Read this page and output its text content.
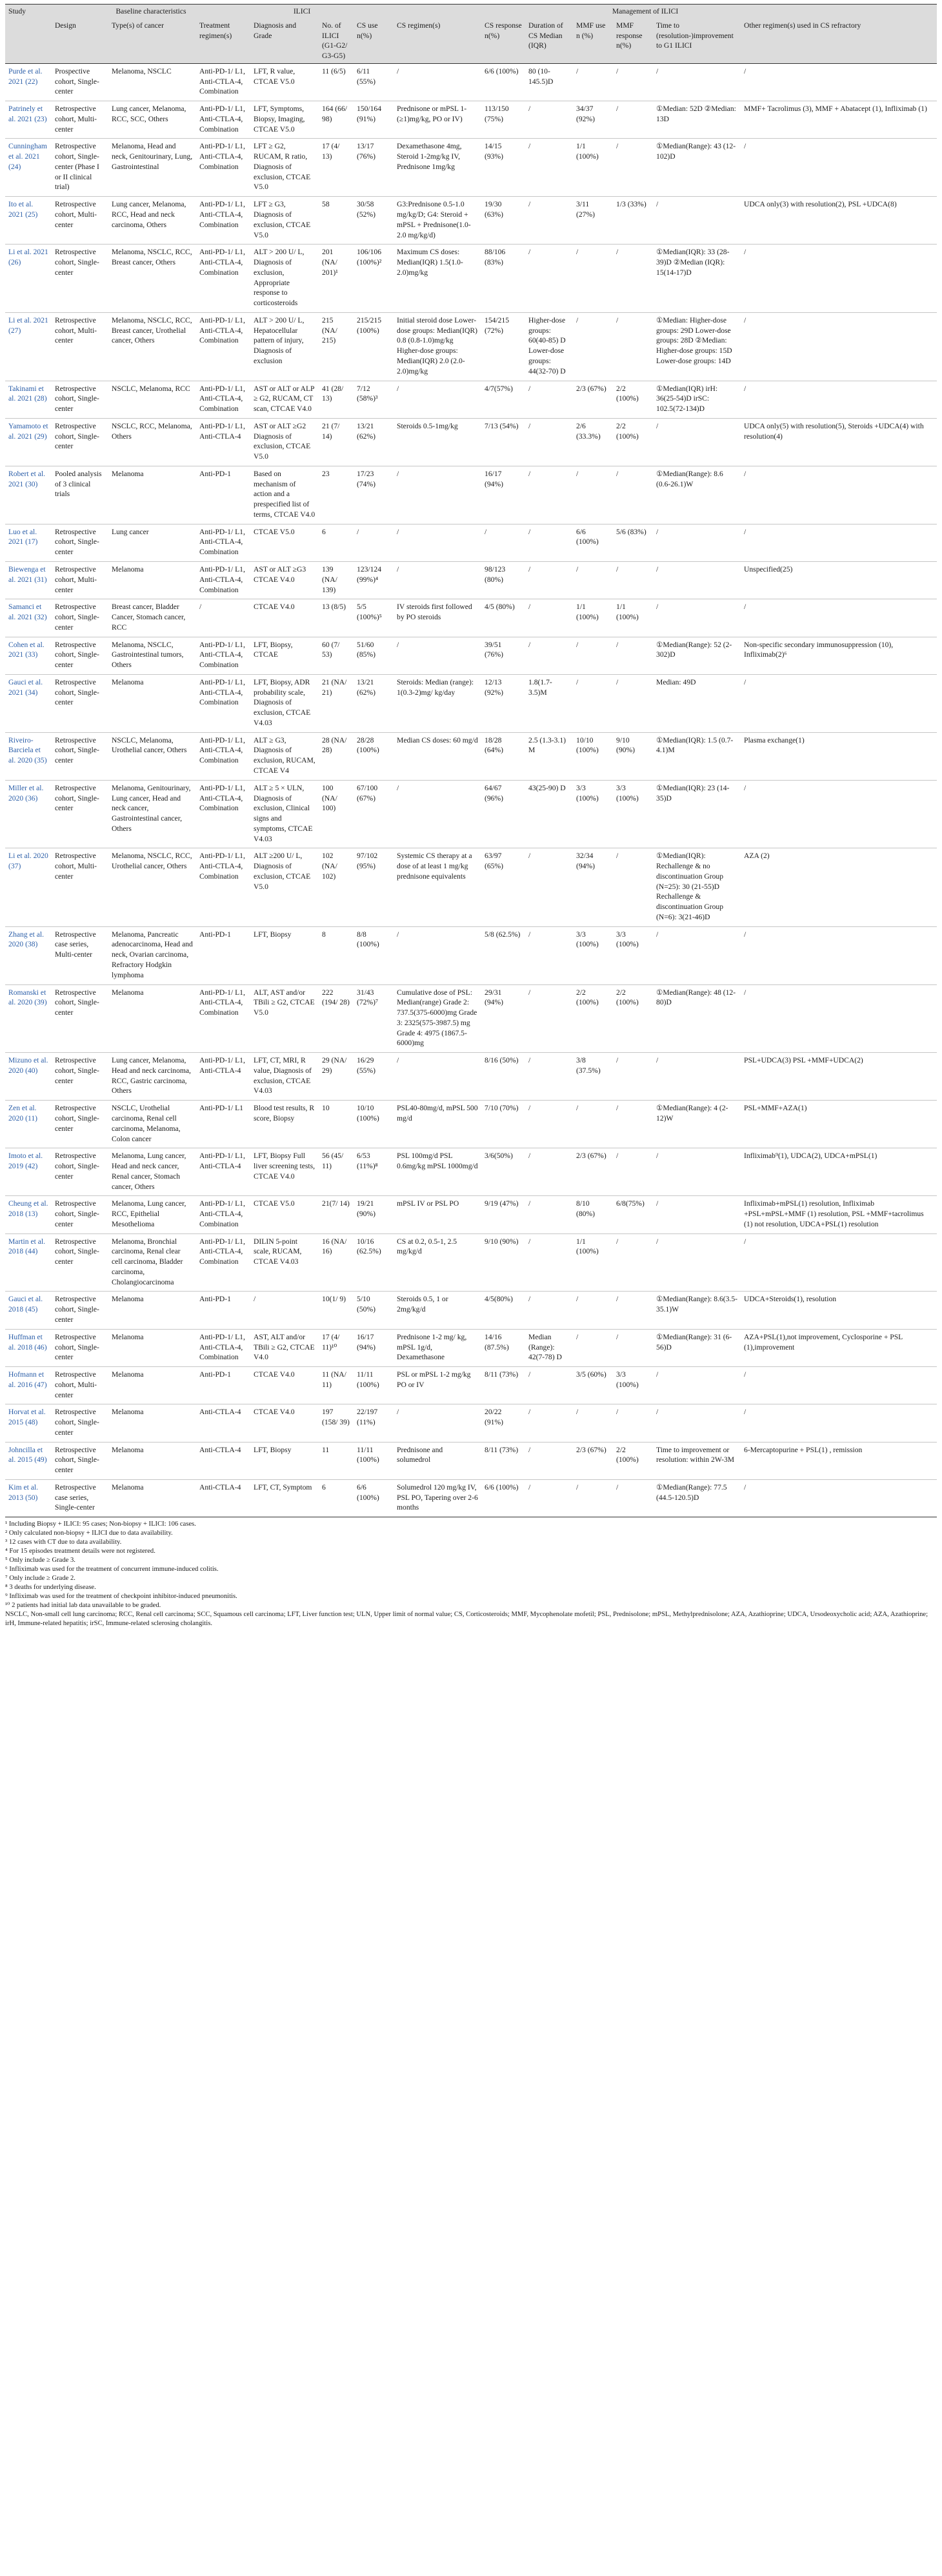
Study	Baseline characteristics			ILICI		Management of ILICI							
	Design	Type(s) of cancer	Treatment regimen(s)	Diagnosis and Grade	No. of ILICI (G1-G2/ G3-G5)	CS use n(%)	CS regimen(s)	CS response n(%)	Duration of CS Median (IQR)	MMF use n (%)	MMF response n(%)	Time to (resolution-)improvement to G1 ILICI	Other regimen(s) used in CS refractory
Purde et al. 2021 (22)	Prospective cohort, Single-center	Melanoma, NSCLC	Anti-PD-1/ L1, Anti-CTLA-4, Combination	LFT, R value, CTCAE V5.0	11 (6/5)	6/11 (55%)	/	6/6 (100%)	80 (10-145.5)D	/	/	/	/
Patrinely et al. 2021 (23)	Retrospective cohort, Multi-center	Lung cancer, Melanoma, RCC, SCC, Others	Anti-PD-1/ L1, Anti-CTLA-4, Combination	LFT, Symptoms, Biopsy, Imaging, CTCAE V5.0	164 (66/ 98)	150/164 (91%)	Prednisone or mPSL 1-(≥1)mg/kg, PO or IV)	113/150 (75%)	/	34/37 (92%)	/	①Median: 52D ②Median: 13D	MMF+ Tacrolimus (3), MMF + Abatacept (1), Infliximab (1)
Cunningham et al. 2021 (24)	Retrospective cohort, Single-center (Phase I or II clinical trial)	Melanoma, Head and neck, Genitourinary, Lung, Gastrointestinal	Anti-PD-1/ L1, Anti-CTLA-4, Combination	LFT ≥ G2, RUCAM, R ratio, Diagnosis of exclusion, CTCAE V5.0	17 (4/ 13)	13/17 (76%)	Dexamethasone 4mg, Steroid 1-2mg/kg IV, Prednisone 1mg/kg	14/15 (93%)	/	1/1 (100%)	/	①Median(Range): 43 (12-102)D	/
Ito et al. 2021 (25)	Retrospective cohort, Multi-center	Lung cancer, Melanoma, RCC, Head and neck carcinoma, Others	Anti-PD-1/ L1, Anti-CTLA-4, Combination	LFT ≥ G3, Diagnosis of exclusion, CTCAE V5.0	58	30/58 (52%)	G3:Prednisone 0.5-1.0 mg/kg/D; G4: Steroid + mPSL + Prednisone(1.0-2.0 mg/kg/d)	19/30 (63%)	/	3/11 (27%)	1/3 (33%)	/	UDCA only(3) with resolution(2), PSL +UDCA(8)
Li et al. 2021 (26)	Retrospective cohort, Single-center	Melanoma, NSCLC, RCC, Breast cancer, Others	Anti-PD-1/ L1, Anti-CTLA-4, Combination	ALT > 200 U/ L, Diagnosis of exclusion, Appropriate response to corticosteroids	201 (NA/ 201)¹	106/106 (100%)²	Maximum CS doses: Median(IQR) 1.5(1.0-2.0)mg/kg	88/106 (83%)	/	/	/	①Median(IQR): 33 (28-39)D ②Median (IQR): 15(14-17)D	/
Li et al. 2021 (27)	Retrospective cohort, Multi-center	Melanoma, NSCLC, RCC, Breast cancer, Urothelial cancer, Others	Anti-PD-1/ L1, Anti-CTLA-4, Combination	ALT > 200 U/ L, Hepatocellular pattern of injury, Diagnosis of exclusion	215 (NA/ 215)	215/215 (100%)	Initial steroid dose Lower-dose groups: Median(IQR) 0.8 (0.8-1.0)mg/kg Higher-dose groups: Median(IQR) 2.0 (2.0-2.0)mg/kg	154/215 (72%)	Higher-dose groups: 60(40-85) D Lower-dose groups: 44(32-70) D	/	/	①Median: Higher-dose groups: 29D Lower-dose groups: 28D ②Median: Higher-dose groups: 15D Lower-dose groups: 14D	/
Takinami et al. 2021 (28)	Retrospective cohort, Single-center	NSCLC, Melanoma, RCC	Anti-PD-1/ L1, Anti-CTLA-4, Combination	AST or ALT or ALP ≥ G2, RUCAM, CT scan, CTCAE V4.0	41 (28/ 13)	7/12 (58%)³	/	4/7(57%)	/	2/3 (67%)	2/2 (100%)	①Median(IQR) irH: 36(25-54)D irSC: 102.5(72-134)D	/
Yamamoto et al. 2021 (29)	Retrospective cohort, Single-center	NSCLC, RCC, Melanoma, Others	Anti-PD-1/ L1, Anti-CTLA-4	AST or ALT ≥G2 Diagnosis of exclusion, CTCAE V5.0	21 (7/ 14)	13/21 (62%)	Steroids 0.5-1mg/kg	7/13 (54%)	/	2/6 (33.3%)	2/2 (100%)	/	UDCA only(5) with resolution(5), Steroids +UDCA(4) with resolution(4)
Robert et al. 2021 (30)	Pooled analysis of 3 clinical trials	Melanoma	Anti-PD-1	Based on mechanism of action and a prespecified list of terms, CTCAE V4.0	23	17/23 (74%)	/	16/17 (94%)	/	/	/	①Median(Range): 8.6 (0.6-26.1)W	/
Luo et al. 2021 (17)	Retrospective cohort, Single-center	Lung cancer	Anti-PD-1/ L1, Anti-CTLA-4, Combination	CTCAE V5.0	6	/	/	/	/	6/6 (100%)	5/6 (83%)	/	/
Biewenga et al. 2021 (31)	Retrospective cohort, Multi-center	Melanoma	Anti-PD-1/ L1, Anti-CTLA-4, Combination	AST or ALT ≥G3 CTCAE V4.0	139 (NA/ 139)	123/124 (99%)⁴	/	98/123 (80%)	/	/	/	/	Unspecified(25)
Samanci et al. 2021 (32)	Retrospective cohort, Single-center	Breast cancer, Bladder Cancer, Stomach cancer, RCC	/	CTCAE V4.0	13 (8/5)	5/5 (100%)⁵	IV steroids first followed by PO steroids	4/5 (80%)	/	1/1 (100%)	1/1 (100%)	/	/
Cohen et al. 2021 (33)	Retrospective cohort, Single-center	Melanoma, NSCLC, Gastrointestinal tumors, Others	Anti-PD-1/ L1, Anti-CTLA-4, Combination	LFT, Biopsy, CTCAE	60 (7/ 53)	51/60 (85%)	/	39/51 (76%)	/	/	/	①Median(Range): 52 (2-302)D	Non-specific secondary immunosuppression (10), Infliximab(2)⁶
Gauci et al. 2021 (34)	Retrospective cohort, Single-center	Melanoma	Anti-PD-1/ L1, Anti-CTLA-4, Combination	LFT, Biopsy, ADR probability scale, Diagnosis of exclusion, CTCAE V4.03	21 (NA/ 21)	13/21 (62%)	Steroids: Median (range): 1(0.3-2)mg/ kg/day	12/13 (92%)	1.8(1.7-3.5)M	/	/	Median: 49D	/
Riveiro-Barciela et al. 2020 (35)	Retrospective cohort, Single-center	NSCLC, Melanoma, Urothelial cancer, Others	Anti-PD-1/ L1, Anti-CTLA-4, Combination	ALT ≥ G3, Diagnosis of exclusion, RUCAM, CTCAE V4	28 (NA/ 28)	28/28 (100%)	Median CS doses: 60 mg/d	18/28 (64%)	2.5 (1.3-3.1) M	10/10 (100%)	9/10 (90%)	①Median(IQR): 1.5 (0.7-4.1)M	Plasma exchange(1)
Miller et al. 2020 (36)	Retrospective cohort, Single-center	Melanoma, Genitourinary, Lung cancer, Head and neck cancer, Gastrointestinal cancer, Others	Anti-PD-1/ L1, Anti-CTLA-4, Combination	ALT ≥ 5 × ULN, Diagnosis of exclusion, Clinical signs and symptoms, CTCAE V4.03	100 (NA/ 100)	67/100 (67%)	/	64/67 (96%)	43(25-90) D	3/3 (100%)	3/3 (100%)	①Median(IQR): 23 (14-35)D	/
Li et al. 2020 (37)	Retrospective cohort, Multi-center	Melanoma, NSCLC, RCC, Urothelial cancer, Others	Anti-PD-1/ L1, Anti-CTLA-4, Combination	ALT ≥200 U/ L, Diagnosis of exclusion, CTCAE V5.0	102 (NA/ 102)	97/102 (95%)	Systemic CS therapy at a dose of at least 1 mg/kg prednisone equivalents	63/97 (65%)	/	32/34 (94%)	/	①Median(IQR): Rechallenge & no discontinuation Group (N=25): 30 (21-55)D Rechallenge & discontinuation Group (N=6): 3(21-46)D	AZA (2)
Zhang et al. 2020 (38)	Retrospective case series, Multi-center	Melanoma, Pancreatic adenocarcinoma, Head and neck, Ovarian carcinoma, Refractory Hodgkin lymphoma	Anti-PD-1	LFT, Biopsy	8	8/8 (100%)	/	5/8 (62.5%)	/	3/3 (100%)	3/3 (100%)	/	/
Romanski et al. 2020 (39)	Retrospective cohort, Single-center	Melanoma	Anti-PD-1/ L1, Anti-CTLA-4, Combination	ALT, AST and/or TBili ≥ G2, CTCAE V5.0	222 (194/ 28)	31/43 (72%)⁷	Cumulative dose of PSL: Median(range) Grade 2: 737.5(375-6000)mg Grade 3: 2325(575-3987.5) mg Grade 4: 4975 (1867.5-6000)mg	29/31 (94%)	/	2/2 (100%)	2/2 (100%)	①Median(Range): 48 (12-80)D	/
Mizuno et al. 2020 (40)	Retrospective cohort, Single-center	Lung cancer, Melanoma, Head and neck carcinoma, RCC, Gastric carcinoma, Others	Anti-PD-1/ L1, Anti-CTLA-4	LFT, CT, MRI, R value, Diagnosis of exclusion, CTCAE V4.03	29 (NA/ 29)	16/29 (55%)	/	8/16 (50%)	/	3/8 (37.5%)	/	/	PSL+UDCA(3) PSL +MMF+UDCA(2)
Zen et al. 2020 (11)	Retrospective cohort, Single-center	NSCLC, Urothelial carcinoma, Renal cell carcinoma, Melanoma, Colon cancer	Anti-PD-1/ L1	Blood test results, R score, Biopsy	10	10/10 (100%)	PSL40-80mg/d, mPSL 500 mg/d	7/10 (70%)	/	/	/	①Median(Range): 4 (2-12)W	PSL+MMF+AZA(1)
Imoto et al. 2019 (42)	Retrospective cohort, Single-center	Melanoma, Lung cancer, Head and neck cancer, Renal cancer, Stomach cancer, Others	Anti-PD-1/ L1, Anti-CTLA-4	LFT, Biopsy Full liver screening tests, CTCAE V4.0	56 (45/ 11)	6/53 (11%)⁸	PSL 100mg/d PSL 0.6mg/kg mPSL 1000mg/d	3/6(50%)	/	2/3 (67%)	/	/	Infliximab⁹(1), UDCA(2), UDCA+mPSL(1)
Cheung et al. 2018 (13)	Retrospective cohort, Single-center	Melanoma, Lung cancer, RCC, Epithelial Mesothelioma	Anti-PD-1/ L1, Anti-CTLA-4, Combination	CTCAE V5.0	21(7/ 14)	19/21 (90%)	mPSL IV or PSL PO	9/19 (47%)	/	8/10 (80%)	6/8(75%)	/	Infliximab+mPSL(1) resolution, Infliximab +PSL+mPSL+MMF (1) resolution, PSL +MMF+tacrolimus (1) not resolution, UDCA+PSL(1) resolution
Martin et al. 2018 (44)	Retrospective cohort, Single-center	Melanoma, Bronchial carcinoma, Renal clear cell carcinoma, Bladder carcinoma, Cholangiocarcinoma	Anti-PD-1/ L1, Anti-CTLA-4, Combination	DILIN 5-point scale, RUCAM, CTCAE V4.03	16 (NA/ 16)	10/16 (62.5%)	CS at 0.2, 0.5-1, 2.5 mg/kg/d	9/10 (90%)	/	1/1 (100%)	/	/	/
Gauci et al. 2018 (45)	Retrospective cohort, Single-center	Melanoma	Anti-PD-1	/	10(1/ 9)	5/10 (50%)	Steroids 0.5, 1 or 2mg/kg/d	4/5(80%)	/	/	/	①Median(Range): 8.6(3.5-35.1)W	UDCA+Steroids(1), resolution
Huffman et al. 2018 (46)	Retrospective cohort, Single-center	Melanoma	Anti-PD-1/ L1, Anti-CTLA-4, Combination	AST, ALT and/or TBili ≥ G2, CTCAE V4.0	17 (4/ 11)¹⁰	16/17 (94%)	Prednisone 1-2 mg/ kg, mPSL 1g/d, Dexamethasone	14/16 (87.5%)	Median (Range): 42(7-78) D	/	/	①Median(Range): 31 (6-56)D	AZA+PSL(1),not improvement, Cyclosporine + PSL (1),improvement
Hofmann et al. 2016 (47)	Retrospective cohort, Multi-center	Melanoma	Anti-PD-1	CTCAE V4.0	11 (NA/ 11)	11/11 (100%)	PSL or mPSL 1-2 mg/kg PO or IV	8/11 (73%)	/	3/5 (60%)	3/3 (100%)	/	/
Horvat et al. 2015 (48)	Retrospective cohort, Single-center	Melanoma	Anti-CTLA-4	CTCAE V4.0	197 (158/ 39)	22/197 (11%)	/	20/22 (91%)	/	/	/	/	/
Johncilla et al. 2015 (49)	Retrospective cohort, Single-center	Melanoma	Anti-CTLA-4	LFT, Biopsy	11	11/11 (100%)	Prednisone and solumedrol	8/11 (73%)	/	2/3 (67%)	2/2 (100%)	Time to improvement or resolution: within 2W-3M	6-Mercaptopurine + PSL(1) , remission
Kim et al. 2013 (50)	Retrospective case series, Single-center	Melanoma	Anti-CTLA-4	LFT, CT, Symptom	6	6/6 (100%)	Solumedrol 120 mg/kg IV, PSL PO, Tapering over 2-6 months	6/6 (100%)	/	/	/	①Median(Range): 77.5 (44.5-120.5)D	/
¹ Including Biopsy + ILICI: 95 cases; Non-biopsy + ILICI: 106 cases.
² Only calculated non-biopsy + ILICI due to data availability.
³ 12 cases with CT due to data availability.
⁴ For 15 episodes treatment details were not registered.
⁵ Only include ≥ Grade 3.
⁶ Infliximab was used for the treatment of concurrent immune-induced colitis.
⁷ Only include ≥ Grade 2.
⁸ 3 deaths for underlying disease.
⁹ Infliximab was used for the treatment of checkpoint inhibitor-induced pneumonitis.
¹⁰ 2 patients had initial lab data unavailable to be graded.
NSCLC, Non-small cell lung carcinoma; RCC, Renal cell carcinoma; SCC, Squamous cell carcinoma; LFT, Liver function test; ULN, Upper limit of normal value; CS, Corticosteroids; MMF, Mycophenolate mofetil; PSL, Prednisolone; mPSL, Methylprednisolone; AZA, Azathioprine; UDCA, Ursodeoxycholic acid; AZA, Azathioprine; irH, Immune-related hepatitis; irSC, Immune-related sclerosing cholangitis.
